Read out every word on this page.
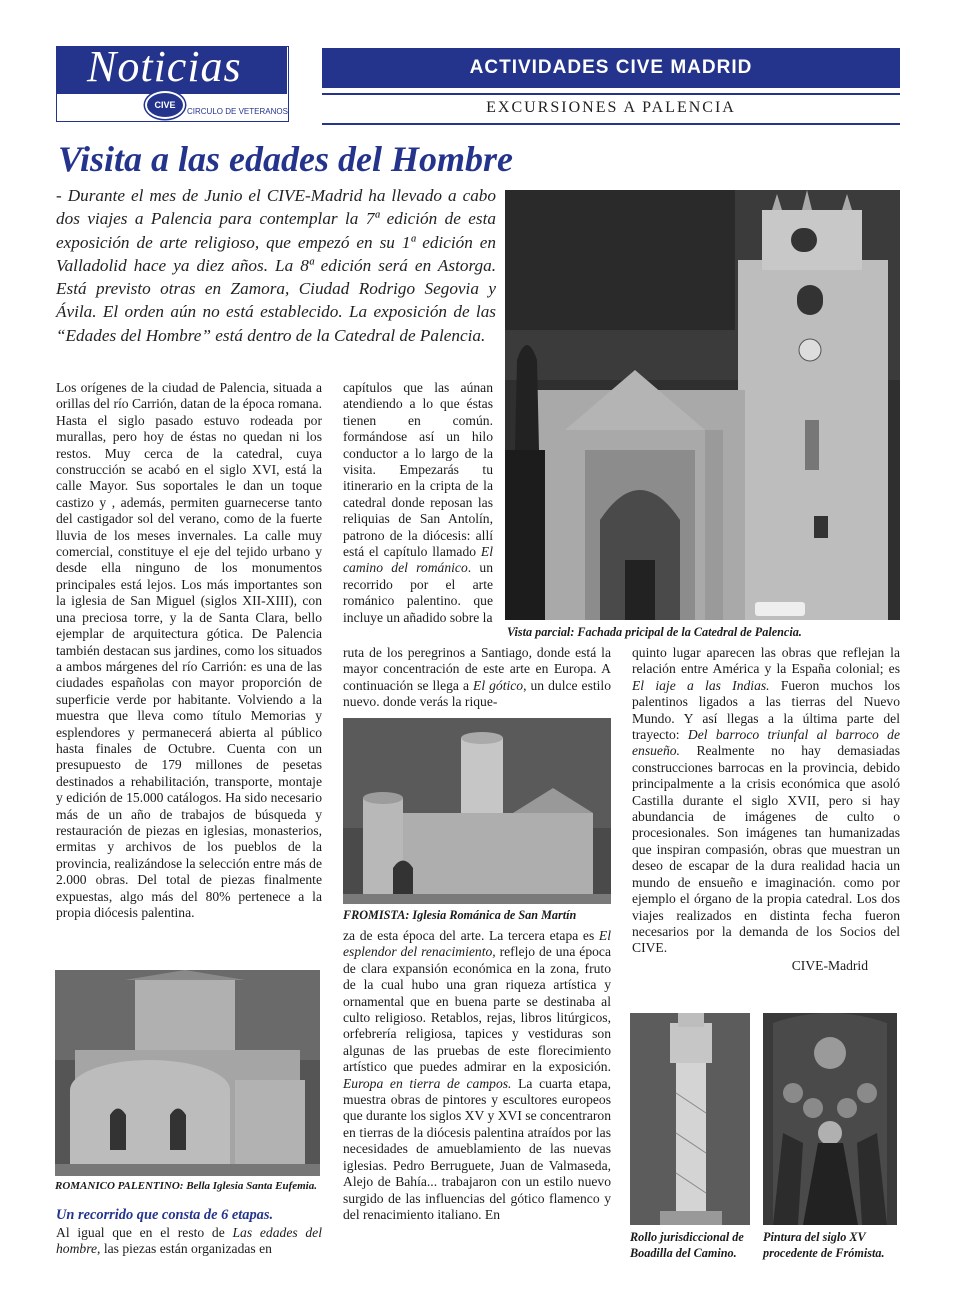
Noticias
CIVE
CIRCULO DE VETERANOS
ACTIVIDADES CIVE MADRID
EXCURSIONES A PALENCIA
Visita a las edades del Hombre
- Durante el mes de Junio el CIVE-Madrid ha llevado a cabo dos viajes a Palencia para contemplar la 7ª edición de esta exposición de arte religioso, que empezó en su 1ª edición en Valladolid hace ya diez años. La 8ª edición será en Astorga. Está previsto otras en Zamora, Ciudad Rodrigo Segovia y Ávila. El orden aún no está establecido. La exposición de las “Edades del Hombre” está dentro de la Catedral de Palencia.
Vista parcial: Fachada pricipal de la Catedral de Palencia.
Los orígenes de la ciudad de Palencia, situada a orillas del río Carrión, datan de la época romana. Hasta el siglo pasado estuvo rodeada por murallas, pero hoy de éstas no quedan ni los restos. Muy cerca de la catedral, cuya construcción se acabó en el siglo XVI, está la calle Mayor. Sus soportales le dan un toque castizo y , además, permiten guarnecerse tanto del castigador sol del verano, como de la fuerte lluvia de los meses invernales. La calle muy comercial, constituye el eje del tejido urbano y desde ella ninguno de los monumentos principales está lejos. Los más importantes son la iglesia de San Miguel (siglos XII-XIII), con una preciosa torre, y la de Santa Clara, bello ejemplar de arquitectura gótica. De Palencia también destacan sus jardines, como los situados a ambos márgenes del río Carrión: es una de las ciudades españolas con mayor proporción de superficie verde por habitante. Volviendo a la muestra que lleva como título Memorias y esplendores y permanecerá abierta al público hasta finales de Octubre. Cuenta con un presupuesto de 179 millones de pesetas destinados a rehabilitación, transporte, montaje y edición de 15.000 catálogos. Ha sido necesario más de un año de trabajos de búsqueda y restauración de piezas en iglesias, monasterios, ermitas y archivos de los pueblos de la provincia, realizándose la selección entre más de 2.000 obras. Del total de piezas finalmente expuestas, algo más del 80% pertenece a la propia diócesis palentina.

capítulos que las aúnan atendiendo a lo que éstas tienen en común. formándose así un hilo conductor a lo largo de la visita. Empezarás tu itinerario en la cripta de la catedral donde reposan las reliquias de San Antolín, patrono de la diócesis: allí está el capítulo llamado El camino del románico. un recorrido por el arte románico palentino. que incluye un añadido sobre la

ruta de los peregrinos a Santiago, donde está la mayor concentración de este arte en Europa. A continuación se llega a El gótico, un dulce estilo nuevo. donde verás la rique-

FROMISTA: Iglesia Románica de San Martín

za de esta época del arte. La tercera etapa es El esplendor del renacimiento, reflejo de una época de clara expansión económica en la zona, fruto de la cual hubo una gran riqueza artística y ornamental que en buena parte se destinaba al culto religioso. Retablos, rejas, libros litúrgicos, orfebrería religiosa, tapices y vestiduras son algunas de las pruebas de este florecimiento artístico que puedes admirar en la exposición. Europa en tierra de campos. La cuarta etapa, muestra obras de pintores y escultores europeos que durante los siglos XV y XVI se concentraron en tierras de la diócesis palentina atraídos por las necesidades de amueblamiento de las nuevas iglesias. Pedro Berruguete, Juan de Valmaseda, Alejo de Bahía... trabajaron con un estilo nuevo surgido de las influencias del gótico flamenco y del renacimiento italiano. En

quinto lugar aparecen las obras que reflejan la relación entre América y la España colonial; es El iaje a las Indias. Fueron muchos los palentinos ligados a las tierras del Nuevo Mundo. Y así llegas a la última parte del trayecto: Del barroco triunfal al barroco de ensueño. Realmente no hay demasiadas construcciones barrocas en la provincia, debido principalmente a la crisis económica que asoló Castilla durante el siglo XVII, pero si hay abundancia de imágenes de culto o procesionales. Son imágenes tan humanizadas que inspiran compasión, obras que muestran un deseo de escapar de la dura realidad hacia un mundo de ensueño e imaginación. como por ejemplo el órgano de la propia catedral. Los dos viajes realizados en distinta fecha fueron necesarios por la demanda de los Socios del CIVE.

CIVE-Madrid
ROMANICO PALENTINO: Bella Iglesia Santa Eufemia.
Un recorrido que consta de 6 etapas.

Al igual que en el resto de Las edades del hombre, las piezas están organizadas en

Rollo jurisdiccional de Boadilla del Camino.
Pintura del siglo XV procedente de Frómista.
